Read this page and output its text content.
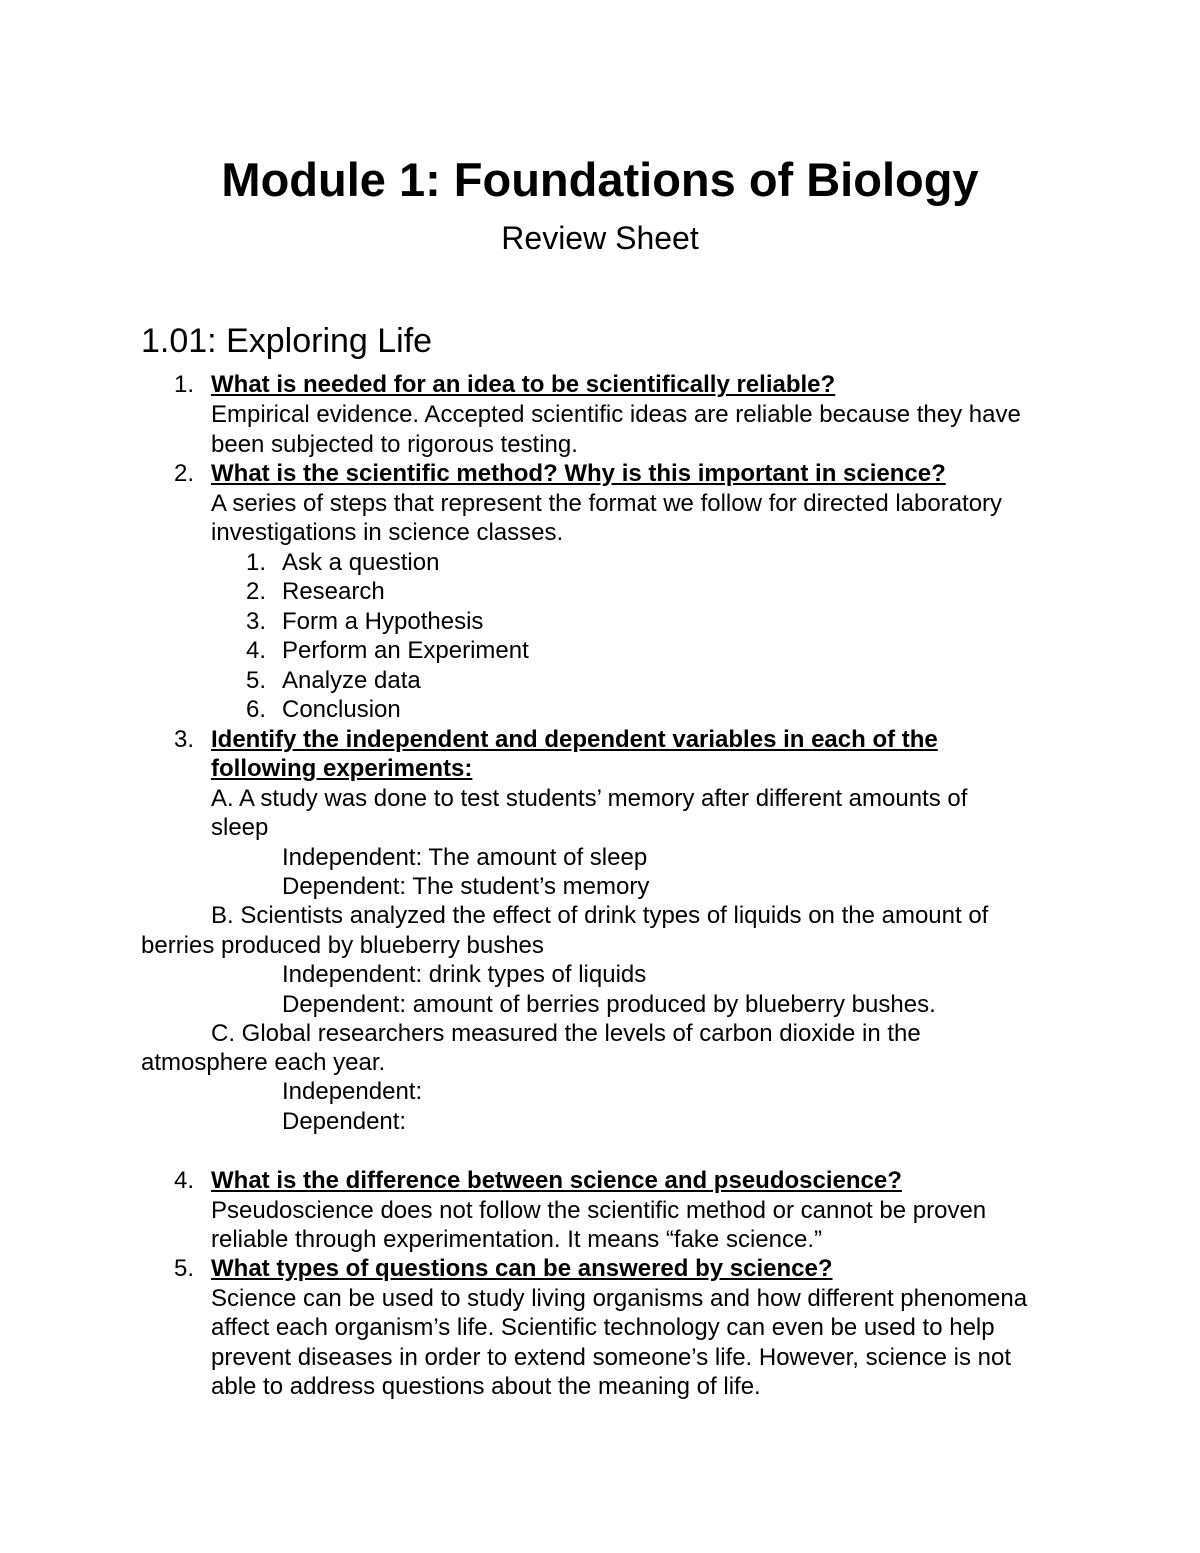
Module 1: Foundations of Biology
Review Sheet
1.01: Exploring Life
1. What is needed for an idea to be scientifically reliable?
Empirical evidence. Accepted scientific ideas are reliable because they have
been subjected to rigorous testing.
2. What is the scientific method? Why is this important in science?
A series of steps that represent the format we follow for directed laboratory
investigations in science classes.
1. Ask a question
2. Research
3. Form a Hypothesis
4. Perform an Experiment
5. Analyze data
6. Conclusion
3. Identify the independent and dependent variables in each of the
following experiments:
A. A study was done to test students’ memory after different amounts of
sleep
Independent: The amount of sleep
Dependent: The student’s memory
B. Scientists analyzed the effect of drink types of liquids on the amount of
berries produced by blueberry bushes
Independent: drink types of liquids
Dependent: amount of berries produced by blueberry bushes.
C. Global researchers measured the levels of carbon dioxide in the
atmosphere each year.
Independent:
Dependent:
4. What is the difference between science and pseudoscience?
Pseudoscience does not follow the scientific method or cannot be proven
reliable through experimentation. It means “fake science.”
5. What types of questions can be answered by science?
Science can be used to study living organisms and how different phenomena
affect each organism’s life. Scientific technology can even be used to help
prevent diseases in order to extend someone’s life. However, science is not
able to address questions about the meaning of life.
